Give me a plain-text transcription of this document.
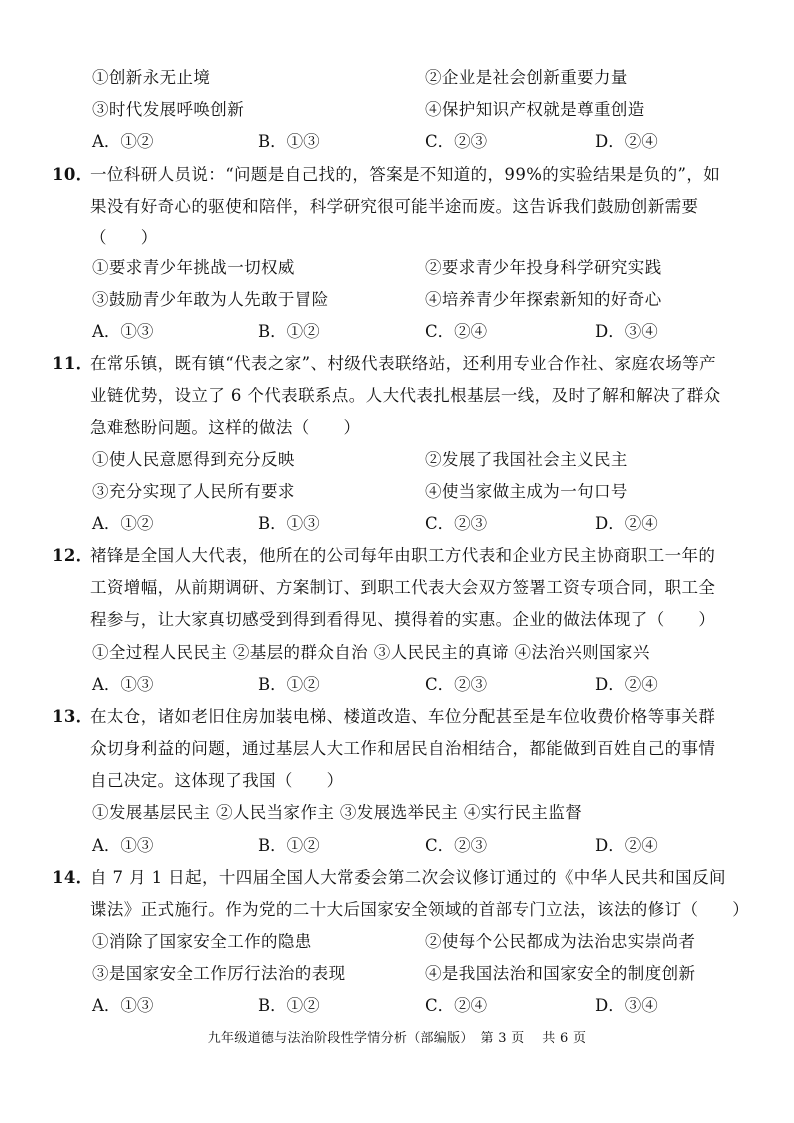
①创新永无止境	②企业是社会创新重要力量
③时代发展呼唤创新	④保护知识产权就是尊重创造
A．①②	B．①③	C．②③	D．②④
10．
一位科研人员说：“问题是自己找的，答案是不知道的，99%的实验结果是负的”，如
果没有好奇心的驱使和陪伴，科学研究很可能半途而废。这告诉我们鼓励创新需要
（　　）
①要求青少年挑战一切权威	②要求青少年投身科学研究实践
③鼓励青少年敢为人先敢于冒险	④培养青少年探索新知的好奇心
A．①③	B．①②	C．②④	D．③④
11．
在常乐镇，既有镇“代表之家”、村级代表联络站，还利用专业合作社、家庭农场等产
业链优势，设立了 6 个代表联系点。人大代表扎根基层一线，及时了解和解决了群众
急难愁盼问题。这样的做法（　　）
①使人民意愿得到充分反映	②发展了我国社会主义民主
③充分实现了人民所有要求	④使当家做主成为一句口号
A．①②	B．①③	C．②③	D．②④
12．
褚锋是全国人大代表，他所在的公司每年由职工方代表和企业方民主协商职工一年的
工资增幅，从前期调研、方案制订、到职工代表大会双方签署工资专项合同，职工全
程参与，让大家真切感受到得到看得见、摸得着的实惠。企业的做法体现了（　　）
①全过程人民民主 ②基层的群众自治 ③人民民主的真谛 ④法治兴则国家兴
A．①③	B．①②	C．②③	D．②④
13．
在太仓，诸如老旧住房加装电梯、楼道改造、车位分配甚至是车位收费价格等事关群
众切身利益的问题，通过基层人大工作和居民自治相结合，都能做到百姓自己的事情
自己决定。这体现了我国（　　）
①发展基层民主 ②人民当家作主 ③发展选举民主 ④实行民主监督
A．①③	B．①②	C．②③	D．②④
14．
自 7 月 1 日起，十四届全国人大常委会第二次会议修订通过的《中华人民共和国反间
谍法》正式施行。作为党的二十大后国家安全领域的首部专门立法，该法的修订（　　）
①消除了国家安全工作的隐患	②使每个公民都成为法治忠实崇尚者
③是国家安全工作厉行法治的表现	④是我国法治和国家安全的制度创新
A．①③	B．①②	C．②④	D．③④
九年级道德与法治阶段性学情分析（部编版）　第 3 页　 共 6 页
